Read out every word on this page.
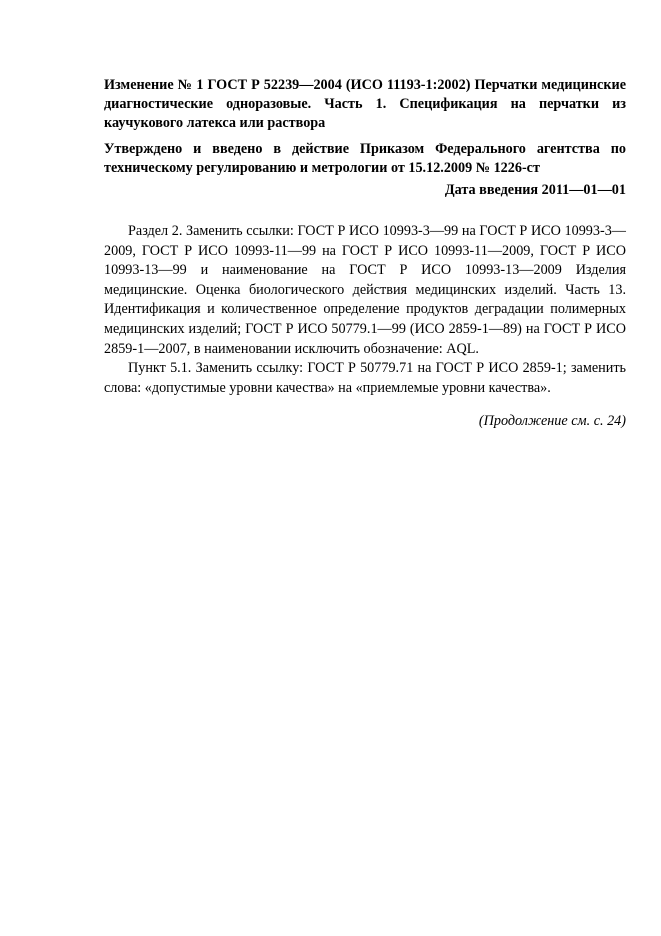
Изменение № 1 ГОСТ Р 52239—2004 (ИСО 11193-1:2002) Перчатки медицинские диагностические одноразовые. Часть 1. Спецификация на перчатки из каучукового латекса или раствора

Утверждено и введено в действие Приказом Федерального агентства по техническому регулированию и метрологии от 15.12.2009 № 1226-ст

Дата введения 2011—01—01

Раздел 2. Заменить ссылки: ГОСТ Р ИСО 10993-3—99 на ГОСТ Р ИСО 10993-3—2009, ГОСТ Р ИСО 10993-11—99 на ГОСТ Р ИСО 10993-11—2009, ГОСТ Р ИСО 10993-13—99 и наименование на ГОСТ Р ИСО 10993-13—2009 Изделия медицинские. Оценка биологического действия медицинских изделий. Часть 13. Идентификация и количественное определение продуктов деградации полимерных медицинских изделий; ГОСТ Р ИСО 50779.1—99 (ИСО 2859-1—89) на ГОСТ Р ИСО 2859-1—2007, в наименовании исключить обозначение: AQL.

Пункт 5.1. Заменить ссылку: ГОСТ Р 50779.71 на ГОСТ Р ИСО 2859-1; заменить слова: «допустимые уровни качества» на «приемлемые уровни качества».

(Продолжение см. с. 24)
